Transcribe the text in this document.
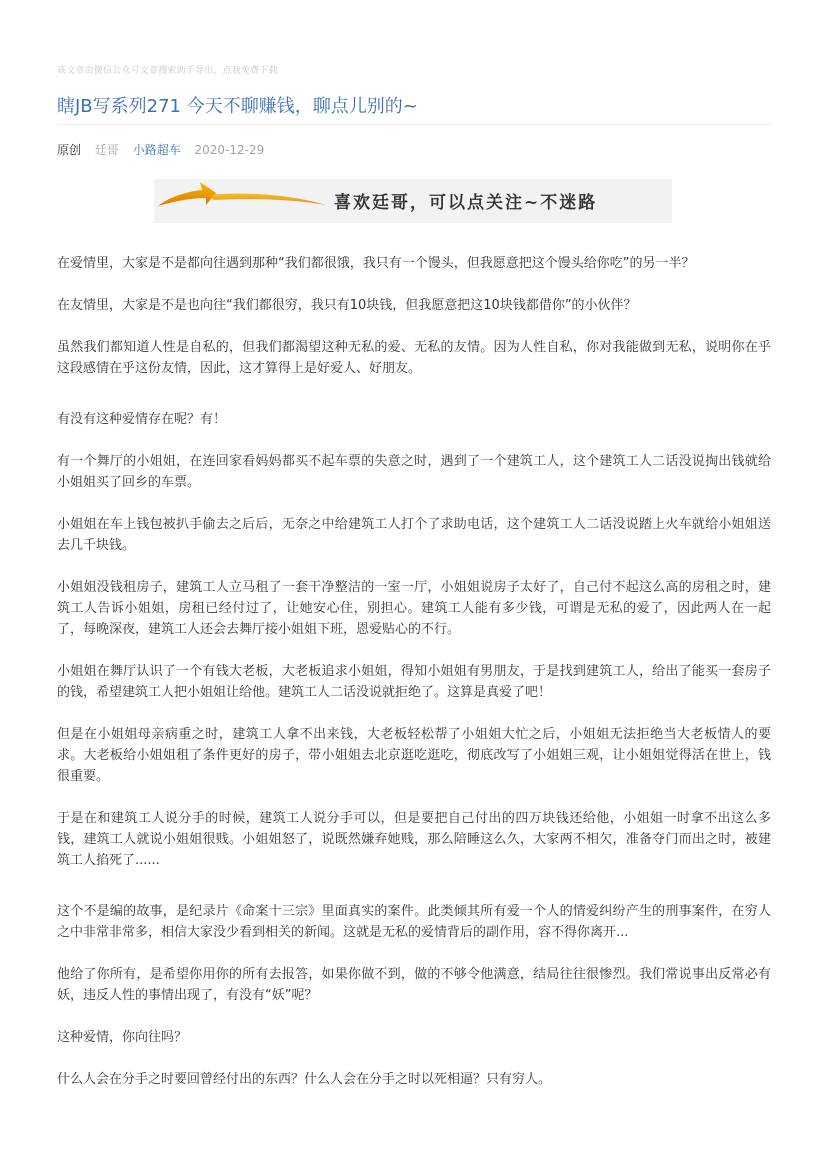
该文章由微信公众号文章搜索助手导出，点我免费下载
瞎JB写系列271 今天不聊赚钱，聊点儿别的~
原创 廷哥 小路超车 2020-12-29
喜欢廷哥，可以点关注~不迷路

在爱情里，大家是不是都向往遇到那种“我们都很饿，我只有一个馒头，但我愿意把这个馒头给你吃”的另一半？

在友情里，大家是不是也向往“我们都很穷，我只有10块钱，但我愿意把这10块钱都借你”的小伙伴？

虽然我们都知道人性是自私的，但我们都渴望这种无私的爱、无私的友情。因为人性自私，你对我能做到无私，说明你在乎这段感情在乎这份友情，因此，这才算得上是好爱人、好朋友。

有没有这种爱情存在呢？有！

有一个舞厅的小姐姐，在连回家看妈妈都买不起车票的失意之时，遇到了一个建筑工人，这个建筑工人二话没说掏出钱就给小姐姐买了回乡的车票。

小姐姐在车上钱包被扒手偷去之后后，无奈之中给建筑工人打个了求助电话，这个建筑工人二话没说踏上火车就给小姐姐送去几千块钱。

小姐姐没钱租房子，建筑工人立马租了一套干净整洁的一室一厅，小姐姐说房子太好了，自己付不起这么高的房租之时，建筑工人告诉小姐姐，房租已经付过了，让她安心住，别担心。建筑工人能有多少钱，可谓是无私的爱了，因此两人在一起了，每晚深夜，建筑工人还会去舞厅接小姐姐下班，恩爱贴心的不行。

小姐姐在舞厅认识了一个有钱大老板，大老板追求小姐姐，得知小姐姐有男朋友，于是找到建筑工人，给出了能买一套房子的钱，希望建筑工人把小姐姐让给他。建筑工人二话没说就拒绝了。这算是真爱了吧！

但是在小姐姐母亲病重之时，建筑工人拿不出来钱，大老板轻松帮了小姐姐大忙之后，小姐姐无法拒绝当大老板情人的要求。大老板给小姐姐租了条件更好的房子，带小姐姐去北京逛吃逛吃，彻底改写了小姐姐三观，让小姐姐觉得活在世上，钱很重要。

于是在和建筑工人说分手的时候，建筑工人说分手可以，但是要把自己付出的四万块钱还给他，小姐姐一时拿不出这么多钱，建筑工人就说小姐姐很贱。小姐姐怒了，说既然嫌弃她贱，那么陪睡这么久，大家两不相欠，准备夺门而出之时，被建筑工人掐死了......

这个不是编的故事，是纪录片《命案十三宗》里面真实的案件。此类倾其所有爱一个人的情爱纠纷产生的刑事案件，在穷人之中非常非常多，相信大家没少看到相关的新闻。这就是无私的爱情背后的副作用，容不得你离开...

他给了你所有，是希望你用你的所有去报答，如果你做不到，做的不够令他满意，结局往往很惨烈。我们常说事出反常必有妖，违反人性的事情出现了，有没有“妖”呢？

这种爱情，你向往吗？

什么人会在分手之时要回曾经付出的东西？什么人会在分手之时以死相逼？只有穷人。
